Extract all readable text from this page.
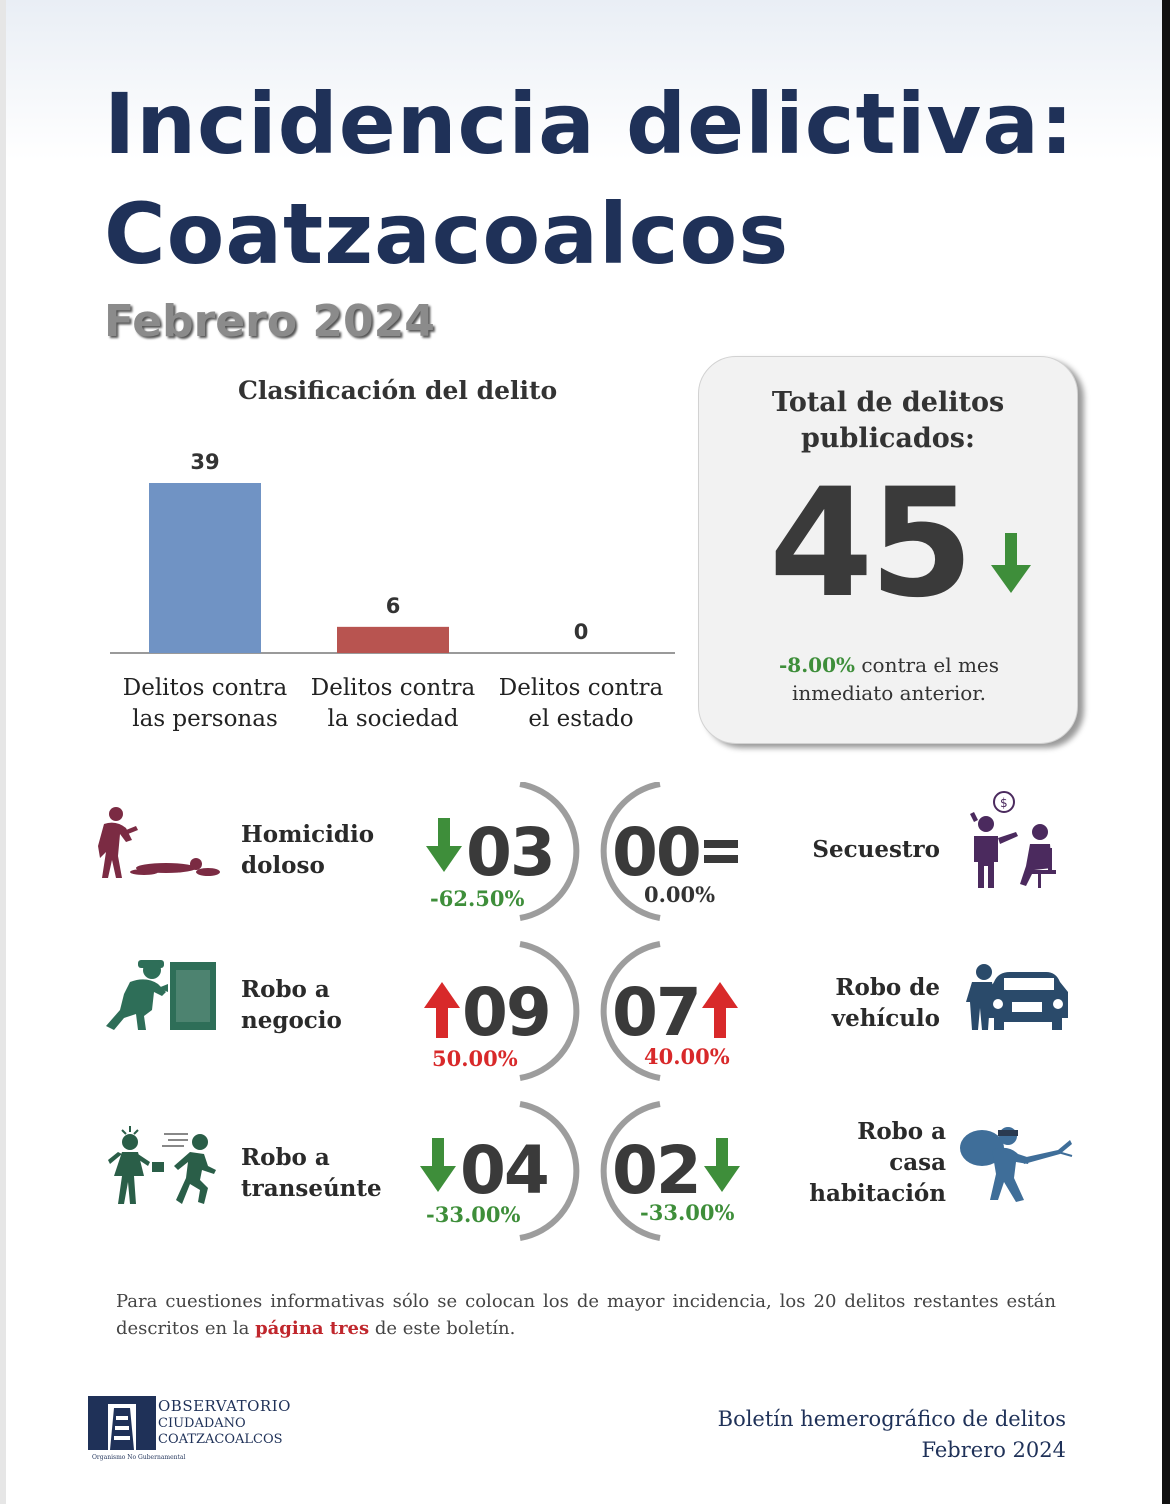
Incidencia delictiva:
Coatzacoalcos
Febrero 2024
Clasificación del delito
39
6
0
Delitos contra
las personas
Delitos contra
la sociedad
Delitos contra
el estado
Total de delitos
publicados:
45
-8.00% contra el mes
inmediato anterior.
Homicidio
doloso	03
-62.50%
00
0.00%
Secuestro
$
Robo a
negocio 09
50.00%
07
40.00%
Robo de
vehículo
Robo a
transeúnte 04
-33.00%
02
-33.00%
Robo a
casa
habitación
Para cuestiones informativas sólo se colocan los de mayor incidencia, los 20 delitos restantes están descritos en la página tres de este boletín.
OBSERVATORIO
CIUDADANO
COATZACOALCOS
Organismo No Gubernamental
Boletín hemerográfico de delitos
Febrero 2024
